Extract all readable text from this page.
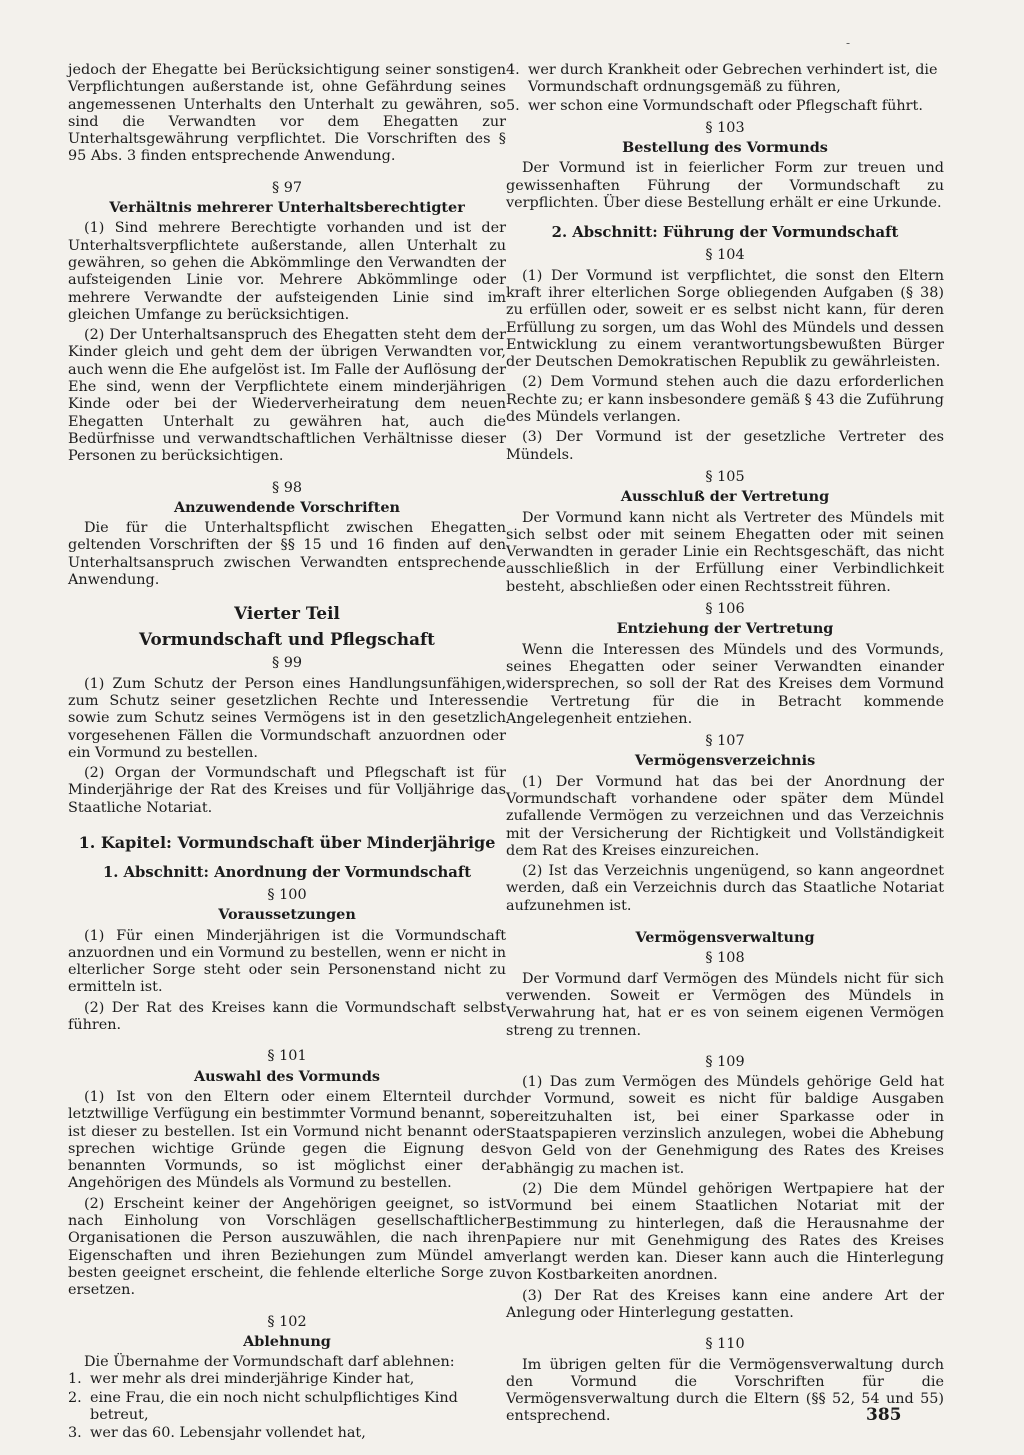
-

jedoch der Ehegatte bei Berücksichtigung seiner sonstigen Verpflichtungen außerstande ist, ohne Gefährdung seines angemessenen Unterhalts den Unterhalt zu gewähren, so sind die Verwandten vor dem Ehegatten zur Unterhaltsgewährung verpflichtet. Die Vorschriften des § 95 Abs. 3 finden entsprechende Anwendung.

§ 97
Verhältnis mehrerer Unterhaltsberechtigter

(1) Sind mehrere Berechtigte vorhanden und ist der Unterhaltsverpflichtete außerstande, allen Unterhalt zu gewähren, so gehen die Abkömmlinge den Verwandten der aufsteigenden Linie vor. Mehrere Abkömmlinge oder mehrere Verwandte der aufsteigenden Linie sind im gleichen Umfange zu berücksichtigen.

(2) Der Unterhaltsanspruch des Ehegatten steht dem der Kinder gleich und geht dem der übrigen Verwandten vor, auch wenn die Ehe aufgelöst ist. Im Falle der Auflösung der Ehe sind, wenn der Verpflichtete einem minderjährigen Kinde oder bei der Wiederverheiratung dem neuen Ehegatten Unterhalt zu gewähren hat, auch die Bedürfnisse und verwandtschaftlichen Verhältnisse dieser Personen zu berücksichtigen.

§ 98
Anzuwendende Vorschriften

Die für die Unterhaltspflicht zwischen Ehegatten geltenden Vorschriften der §§ 15 und 16 finden auf den Unterhaltsanspruch zwischen Verwandten entsprechende Anwendung.

Vierter Teil
Vormundschaft und Pflegschaft
§ 99

(1) Zum Schutz der Person eines Handlungsunfähigen, zum Schutz seiner gesetzlichen Rechte und Interessen sowie zum Schutz seines Vermögens ist in den gesetzlich vorgesehenen Fällen die Vormundschaft anzuordnen oder ein Vormund zu bestellen.

(2) Organ der Vormundschaft und Pflegschaft ist für Minderjährige der Rat des Kreises und für Volljährige das Staatliche Notariat.

1. Kapitel: Vormundschaft über Minderjährige
1. Abschnitt: Anordnung der Vormundschaft
§ 100
Voraussetzungen

(1) Für einen Minderjährigen ist die Vormundschaft anzuordnen und ein Vormund zu bestellen, wenn er nicht in elterlicher Sorge steht oder sein Personenstand nicht zu ermitteln ist.

(2) Der Rat des Kreises kann die Vormundschaft selbst führen.

§ 101
Auswahl des Vormunds

(1) Ist von den Eltern oder einem Elternteil durch letztwillige Verfügung ein bestimmter Vormund benannt, so ist dieser zu bestellen. Ist ein Vormund nicht benannt oder sprechen wichtige Gründe gegen die Eignung des benannten Vormunds, so ist möglichst einer der Angehörigen des Mündels als Vormund zu bestellen.

(2) Erscheint keiner der Angehörigen geeignet, so ist nach Einholung von Vorschlägen gesellschaftlicher Organisationen die Person auszuwählen, die nach ihren Eigenschaften und ihren Beziehungen zum Mündel am besten geeignet erscheint, die fehlende elterliche Sorge zu ersetzen.

§ 102
Ablehnung

Die Übernahme der Vormundschaft darf ablehnen:

1. wer mehr als drei minderjährige Kinder hat,
2. eine Frau, die ein noch nicht schulpflichtiges Kind betreut,
3. wer das 60. Lebensjahr vollendet hat,
4. wer durch Krankheit oder Gebrechen verhindert ist, die Vormundschaft ordnungsgemäß zu führen,
5. wer schon eine Vormundschaft oder Pflegschaft führt.
§ 103
Bestellung des Vormunds

Der Vormund ist in feierlicher Form zur treuen und gewissenhaften Führung der Vormundschaft zu verpflichten. Über diese Bestellung erhält er eine Urkunde.

2. Abschnitt: Führung der Vormundschaft
§ 104

(1) Der Vormund ist verpflichtet, die sonst den Eltern kraft ihrer elterlichen Sorge obliegenden Aufgaben (§ 38) zu erfüllen oder, soweit er es selbst nicht kann, für deren Erfüllung zu sorgen, um das Wohl des Mündels und dessen Entwicklung zu einem verantwortungsbewußten Bürger der Deutschen Demokratischen Republik zu gewährleisten.

(2) Dem Vormund stehen auch die dazu erforderlichen Rechte zu; er kann insbesondere gemäß § 43 die Zuführung des Mündels verlangen.

(3) Der Vormund ist der gesetzliche Vertreter des Mündels.

§ 105
Ausschluß der Vertretung

Der Vormund kann nicht als Vertreter des Mündels mit sich selbst oder mit seinem Ehegatten oder mit seinen Verwandten in gerader Linie ein Rechtsgeschäft, das nicht ausschließlich in der Erfüllung einer Verbindlichkeit besteht, abschließen oder einen Rechtsstreit führen.

§ 106
Entziehung der Vertretung

Wenn die Interessen des Mündels und des Vormunds, seines Ehegatten oder seiner Verwandten einander widersprechen, so soll der Rat des Kreises dem Vormund die Vertretung für die in Betracht kommende Angelegenheit entziehen.

§ 107
Vermögensverzeichnis

(1) Der Vormund hat das bei der Anordnung der Vormundschaft vorhandene oder später dem Mündel zufallende Vermögen zu verzeichnen und das Verzeichnis mit der Versicherung der Richtigkeit und Vollständigkeit dem Rat des Kreises einzureichen.

(2) Ist das Verzeichnis ungenügend, so kann angeordnet werden, daß ein Verzeichnis durch das Staatliche Notariat aufzunehmen ist.

Vermögensverwaltung
§ 108

Der Vormund darf Vermögen des Mündels nicht für sich verwenden. Soweit er Vermögen des Mündels in Verwahrung hat, hat er es von seinem eigenen Vermögen streng zu trennen.

§ 109

(1) Das zum Vermögen des Mündels gehörige Geld hat der Vormund, soweit es nicht für baldige Ausgaben bereitzuhalten ist, bei einer Sparkasse oder in Staatspapieren verzinslich anzulegen, wobei die Abhebung von Geld von der Genehmigung des Rates des Kreises abhängig zu machen ist.

(2) Die dem Mündel gehörigen Wertpapiere hat der Vormund bei einem Staatlichen Notariat mit der Bestimmung zu hinterlegen, daß die Herausnahme der Papiere nur mit Genehmigung des Rates des Kreises verlangt werden kan. Dieser kann auch die Hinterlegung von Kostbarkeiten anordnen.

(3) Der Rat des Kreises kann eine andere Art der Anlegung oder Hinterlegung gestatten.

§ 110

Im übrigen gelten für die Vermögensverwaltung durch den Vormund die Vorschriften für die Vermögensverwaltung durch die Eltern (§§ 52, 54 und 55) entsprechend.	385
